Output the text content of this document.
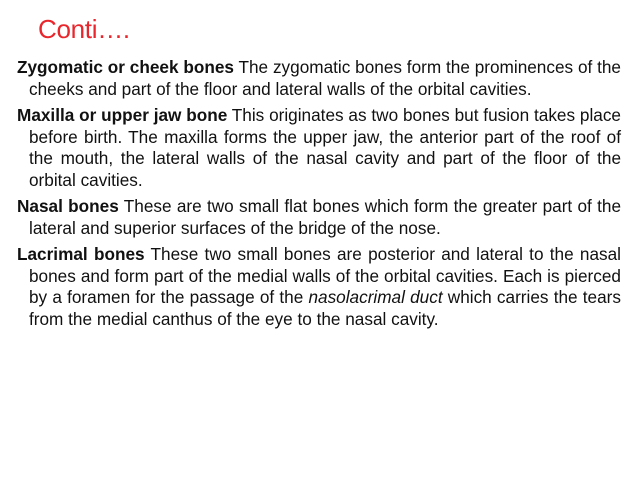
Conti….

Zygomatic or cheek bones The zygomatic bones form the prominences of the cheeks and part of the floor and lateral walls of the orbital cavities.

Maxilla or upper jaw bone This originates as two bones but fusion takes place before birth. The maxilla forms the upper jaw, the anterior part of the roof of the mouth, the lateral walls of the nasal cavity and part of the floor of the orbital cavities.

Nasal bones These are two small flat bones which form the greater part of the lateral and superior surfaces of the bridge of the nose.

Lacrimal bones These two small bones are posterior and lateral to the nasal bones and form part of the medial walls of the orbital cavities. Each is pierced by a foramen for the passage of the nasolacrimal duct which carries the tears from the medial canthus of the eye to the nasal cavity.
